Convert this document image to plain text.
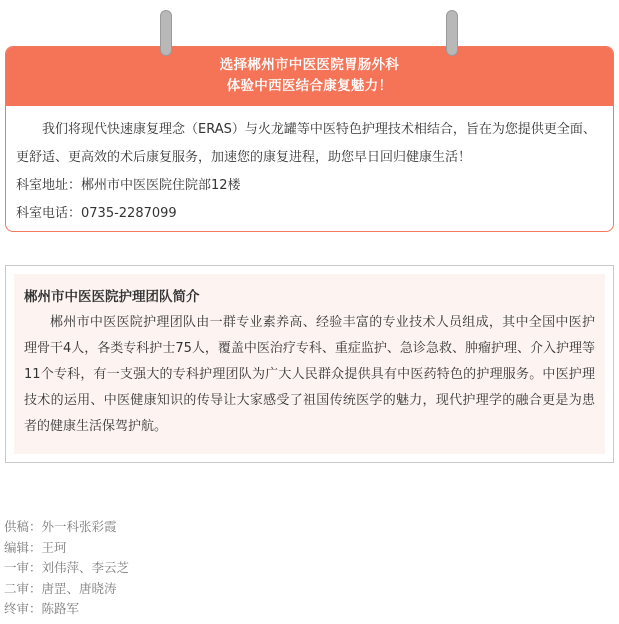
选择郴州市中医医院胃肠外科
体验中西医结合康复魅力！

我们将现代快速康复理念（ERAS）与火龙罐等中医特色护理技术相结合，旨在为您提供更全面、更舒适、更高效的术后康复服务，加速您的康复进程，助您早日回归健康生活！

科室地址：郴州市中医医院住院部12楼

科室电话：0735-2287099

郴州市中医医院护理团队简介

郴州市中医医院护理团队由一群专业素养高、经验丰富的专业技术人员组成，其中全国中医护理骨干4人，各类专科护士75人，覆盖中医治疗专科、重症监护、急诊急救、肿瘤护理、介入护理等11个专科，有一支强大的专科护理团队为广大人民群众提供具有中医药特色的护理服务。中医护理技术的运用、中医健康知识的传导让大家感受了祖国传统医学的魅力，现代护理学的融合更是为患者的健康生活保驾护航。

供稿：外一科张彩霞
编辑：王珂
一审：刘伟萍、李云芝
二审：唐罡、唐晓涛
终审：陈路军
